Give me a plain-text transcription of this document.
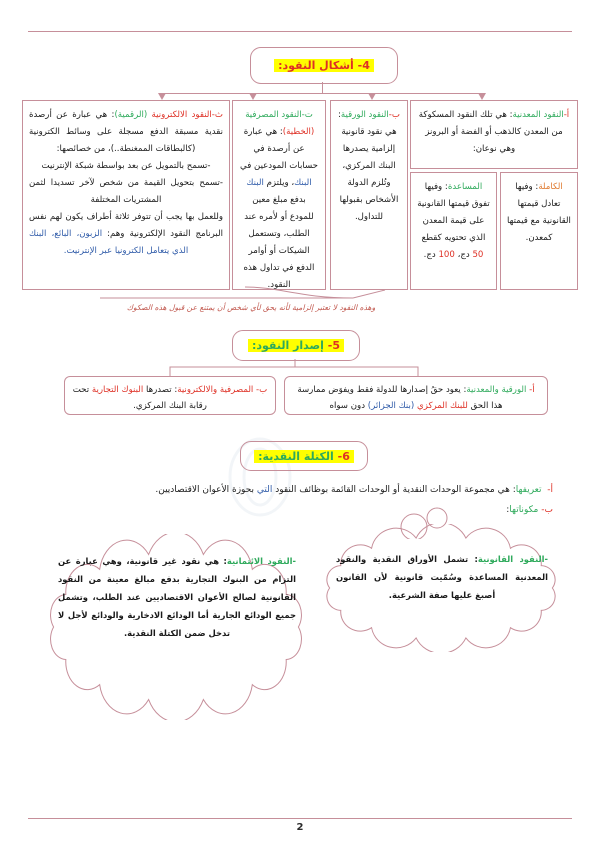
4- أشكال النقود:
ث-النقود الالكترونية (الرقمية): هي عبارة عن أرصدة نقدية مسبقة الدفع مسجلة على وسائط الكترونية (كالبطاقات الممغنطة..)، من خصائصها:
-تسمح بالتمويل عن بعد بواسطة شبكة الإنترنيت
-تسمح بتحويل القيمة من شخص لآخر تسديدا لثمن المشتريات المختلفة
وللعمل بها يجب أن تتوفر ثلاثة أطراف يكون لهم نفس البرنامج النقود الإلكترونية وهم: الزبون، البائع، البنك الذي يتعامل الكترونيا عبر الإنترنيت.
ت-النقود المصرفية (الخطية): هي عبارة عن أرصدة في حسابات المودعين في البنك، ويلتزم البنك بدفع مبلغ معين للمودع أو لأمره عند الطلب، وتستعمل الشيكات أو أوامر الدفع في تداول هذه النقود.
ب-النقود الورقية: هي نقود قانونية إلزامية يصدرها البنك المركزي، وتُلزم الدولة الأشخاص بقبولها للتداول.
أ-النقود المعدنية: هي تلك النقود المسكوكة من المعدن كالذهب أو الفضة أو البرونز وهي نوعان:
المساعدة: وفيها تفوق قيمتها القانونية على قيمة المعدن الذي تحتويه كقطع 50 دج، 100 دج.
الكاملة: وفيها تعادل قيمتها القانونية مع قيمتها كمعدن.
وهذه النقود لا تعتبر إلزامية لأنه يحق لأي شخص أن يمتنع عن قبول هذه الصكوك
5- إصدار النقود:
ب- المصرفية والالكترونية: تصدرها البنوك التجارية تحت رقابة البنك المركزي.
أ- الورقية والمعدنية: يعود حقُ إصدارها للدولة فقط ويفوَض ممارسة هذا الحق للبنك المركزي (بنك الجزائر) دون سواه
6- الكتلة النقدية:
أ-  تعريفها: هي مجموعة الوحدات النقدية أو الوحدات القائمة بوظائف النقود التي بحوزة الأعوان الاقتصاديين.
ب- مكوناتها:
-النقود القانونية: تشمل الأوراق النقدية والنقود المعدنية المساعدة وسُمّيت قانونية لأن القانون أصبغ عليها صفة الشرعية.
-النقود الائتمانية: هي نقود غير قانونية، وهي عبارة عن التزام من البنوك التجارية بدفع مبالغ معينة من النقود القانونية لصالح الأعوان الاقتصاديين عند الطلب، وتشمل جميع الودائع الجارية أما الودائع الادخارية والودائع لأجل لا تدخل ضمن الكتلة النقدية.
2
